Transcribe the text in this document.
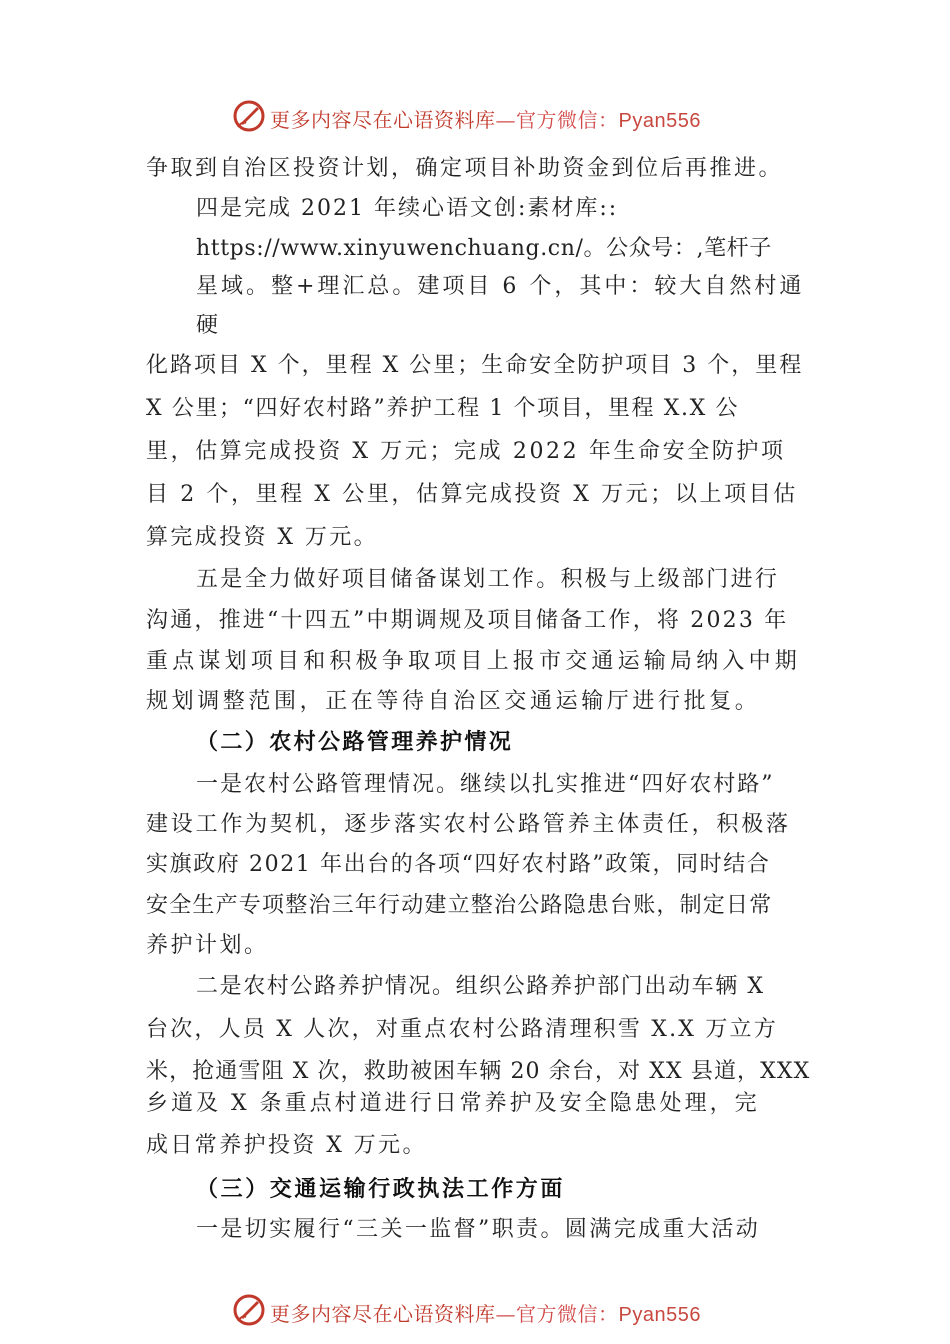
更多内容尽在心语资料库—官方微信：Pyan556
争取到自治区投资计划，确定项目补助资金到位后再推进。
四是完成 2021 年续心语文创:素材库::
https://www.xinyuwenchuang.cn/。公众号：,笔杆子
星域。整+理汇总。建项目 6 个，其中：较大自然村通
硬
化路项目 X 个，里程 X 公里；生命安全防护项目 3 个，里程
X 公里；“四好农村路”养护工程 1 个项目，里程 X.X 公
里，估算完成投资 X 万元；完成 2022 年生命安全防护项
目 2 个，里程 X 公里，估算完成投资 X 万元；以上项目估
算完成投资 X 万元。
五是全力做好项目储备谋划工作。积极与上级部门进行
沟通，推进“十四五”中期调规及项目储备工作，将 2023 年
重点谋划项目和积极争取项目上报市交通运输局纳入中期
规划调整范围，正在等待自治区交通运输厅进行批复。
（二）农村公路管理养护情况
一是农村公路管理情况。继续以扎实推进“四好农村路”
建设工作为契机，逐步落实农村公路管养主体责任，积极落
实旗政府 2021 年出台的各项“四好农村路”政策，同时结合
安全生产专项整治三年行动建立整治公路隐患台账，制定日常
养护计划。
二是农村公路养护情况。组织公路养护部门出动车辆 X
台次，人员 X 人次，对重点农村公路清理积雪 X.X 万立方
米，抢通雪阻 X 次，救助被困车辆 20 余台，对 XX 县道，XXX
乡道及 X 条重点村道进行日常养护及安全隐患处理，完
成日常养护投资 X 万元。
（三）交通运输行政执法工作方面
一是切实履行“三关一监督”职责。圆满完成重大活动
更多内容尽在心语资料库—官方微信：Pyan556
